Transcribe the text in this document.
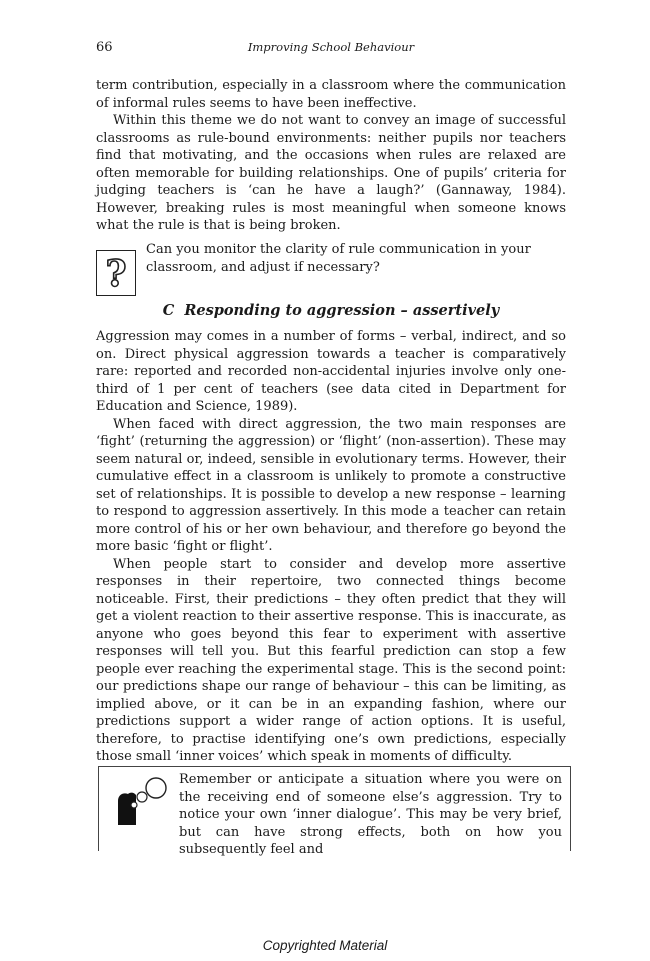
66	Improving School Behaviour

term contribution, especially in a classroom where the communication of informal rules seems to have been ineffective.

Within this theme we do not want to convey an image of successful classrooms as rule-bound environments: neither pupils nor teachers find that motivating, and the occasions when rules are relaxed are often memorable for building relationships. One of pupils’ criteria for judging teachers is ‘can he have a laugh?’ (Gannaway, 1984). However, breaking rules is most meaningful when someone knows what the rule is that is being broken.

?
Can you monitor the clarity of rule communication in your classroom, and adjust if necessary?
C Responding to aggression – assertively

Aggression may comes in a number of forms – verbal, indirect, and so on. Direct physical aggression towards a teacher is comparatively rare: reported and recorded non-accidental injuries involve only one-third of 1 per cent of teachers (see data cited in Department for Education and Science, 1989).

When faced with direct aggression, the two main responses are ‘fight’ (returning the aggression) or ‘flight’ (non-assertion). These may seem natural or, indeed, sensible in evolutionary terms. However, their cumulative effect in a classroom is unlikely to promote a constructive set of relationships. It is possible to develop a new response – learning to respond to aggression assertively. In this mode a teacher can retain more control of his or her own behaviour, and therefore go beyond the more basic ‘fight or flight’.

When people start to consider and develop more assertive responses in their repertoire, two connected things become noticeable. First, their predictions – they often predict that they will get a violent reaction to their assertive response. This is inaccurate, as anyone who goes beyond this fear to experiment with assertive responses will tell you. But this fearful prediction can stop a few people ever reaching the experimental stage. This is the second point: our predictions shape our range of behaviour – this can be limiting, as implied above, or it can be in an expanding fashion, where our predictions support a wider range of action options. It is useful, therefore, to practise identifying one’s own predictions, especially those small ‘inner voices’ which speak in moments of difficulty.

Remember or anticipate a situation where you were on the receiving end of someone else’s aggression. Try to notice your own ‘inner dialogue’. This may be very brief, but can have strong effects, both on how you subsequently feel and
Copyrighted Material
